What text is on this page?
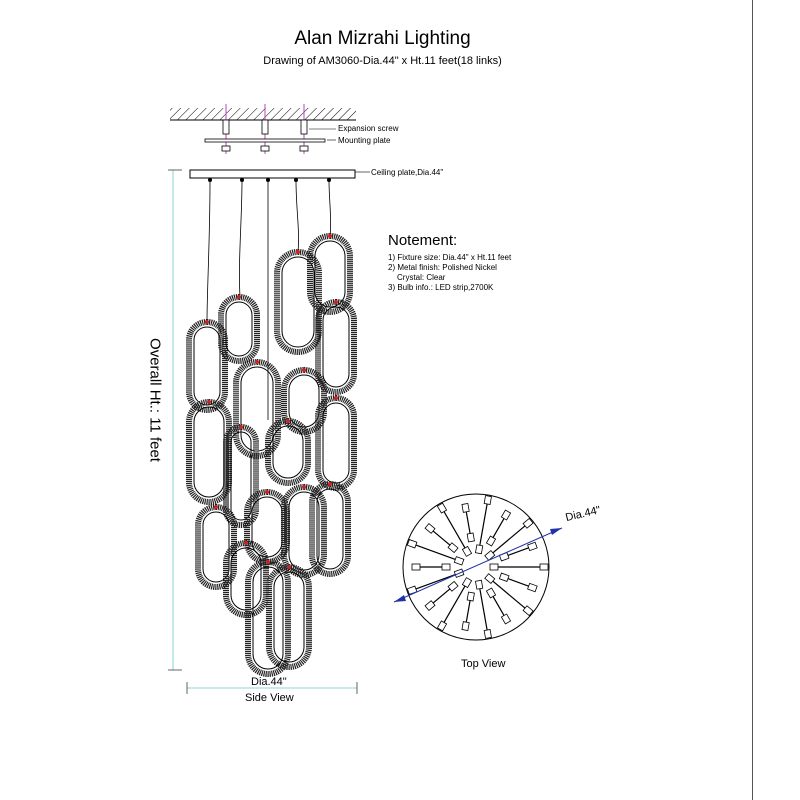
Alan Mizrahi Lighting
Drawing of AM3060-Dia.44" x Ht.11 feet(18 links)
Expansion screw
Mounting plate
Ceiling plate,Dia.44"
Notement:
1) Fixture size: Dia.44" x Ht.11 feet
2) Metal finish: Polished Nickel
Crystal: Clear
3) Bulb info.: LED strip,2700K
Overall Ht.: 11 feet
Dia.44"
Side View
Dia.44"
Top View
